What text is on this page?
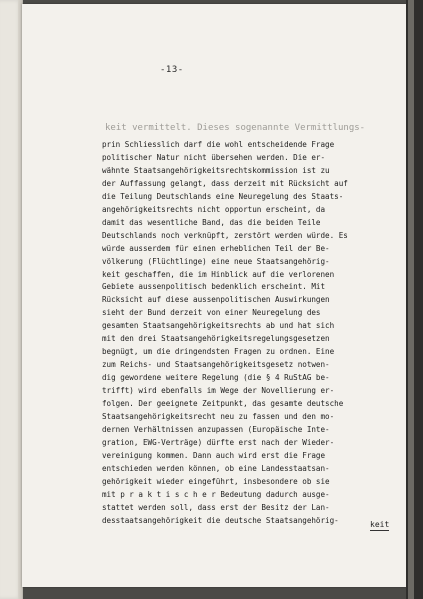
-13-
keit vermittelt. Dieses sogenannte Vermittlungs-
prin Schliesslich darf die wohl entscheidende Frage
politischer Natur nicht übersehen werden. Die er-
wähnte Staatsangehörigkeitsrechtskommission ist zu
der Auffassung gelangt, dass derzeit mit Rücksicht auf
die Teilung Deutschlands eine Neuregelung des Staats-
angehörigkeitsrechts nicht opportun erscheint, da
damit das wesentliche Band, das die beiden Teile
Deutschlands noch verknüpft, zerstört werden würde. Es
würde ausserdem für einen erheblichen Teil der Be-
völkerung (Flüchtlinge) eine neue Staatsangehörig-
keit geschaffen, die im Hinblick auf die verlorenen
Gebiete aussenpolitisch bedenklich erscheint. Mit
Rücksicht auf diese aussenpolitischen Auswirkungen
sieht der Bund derzeit von einer Neuregelung des
gesamten Staatsangehörigkeitsrechts ab und hat sich
mit den drei Staatsangehörigkeitsregelungsgesetzen
begnügt, um die dringendsten Fragen zu ordnen. Eine
zum Reichs- und Staatsangehörigkeitsgesetz notwen-
dig gewordene weitere Regelung (die § 4 RuStAG be-
trifft) wird ebenfalls im Wege der Novellierung er-
folgen. Der geeignete Zeitpunkt, das gesamte deutsche
Staatsangehörigkeitsrecht neu zu fassen und den mo-
dernen Verhältnissen anzupassen (Europäische Inte-
gration, EWG-Verträge) dürfte erst nach der Wieder-
vereinigung kommen. Dann auch wird erst die Frage
entschieden werden können, ob eine Landesstaatsan-
gehörigkeit wieder eingeführt, insbesondere ob sie
mit p r a k t i s c h e r Bedeutung dadurch ausge-
stattet werden soll, dass erst der Besitz der Lan-
desstaatsangehörigkeit die deutsche Staatsangehörig-	keit
